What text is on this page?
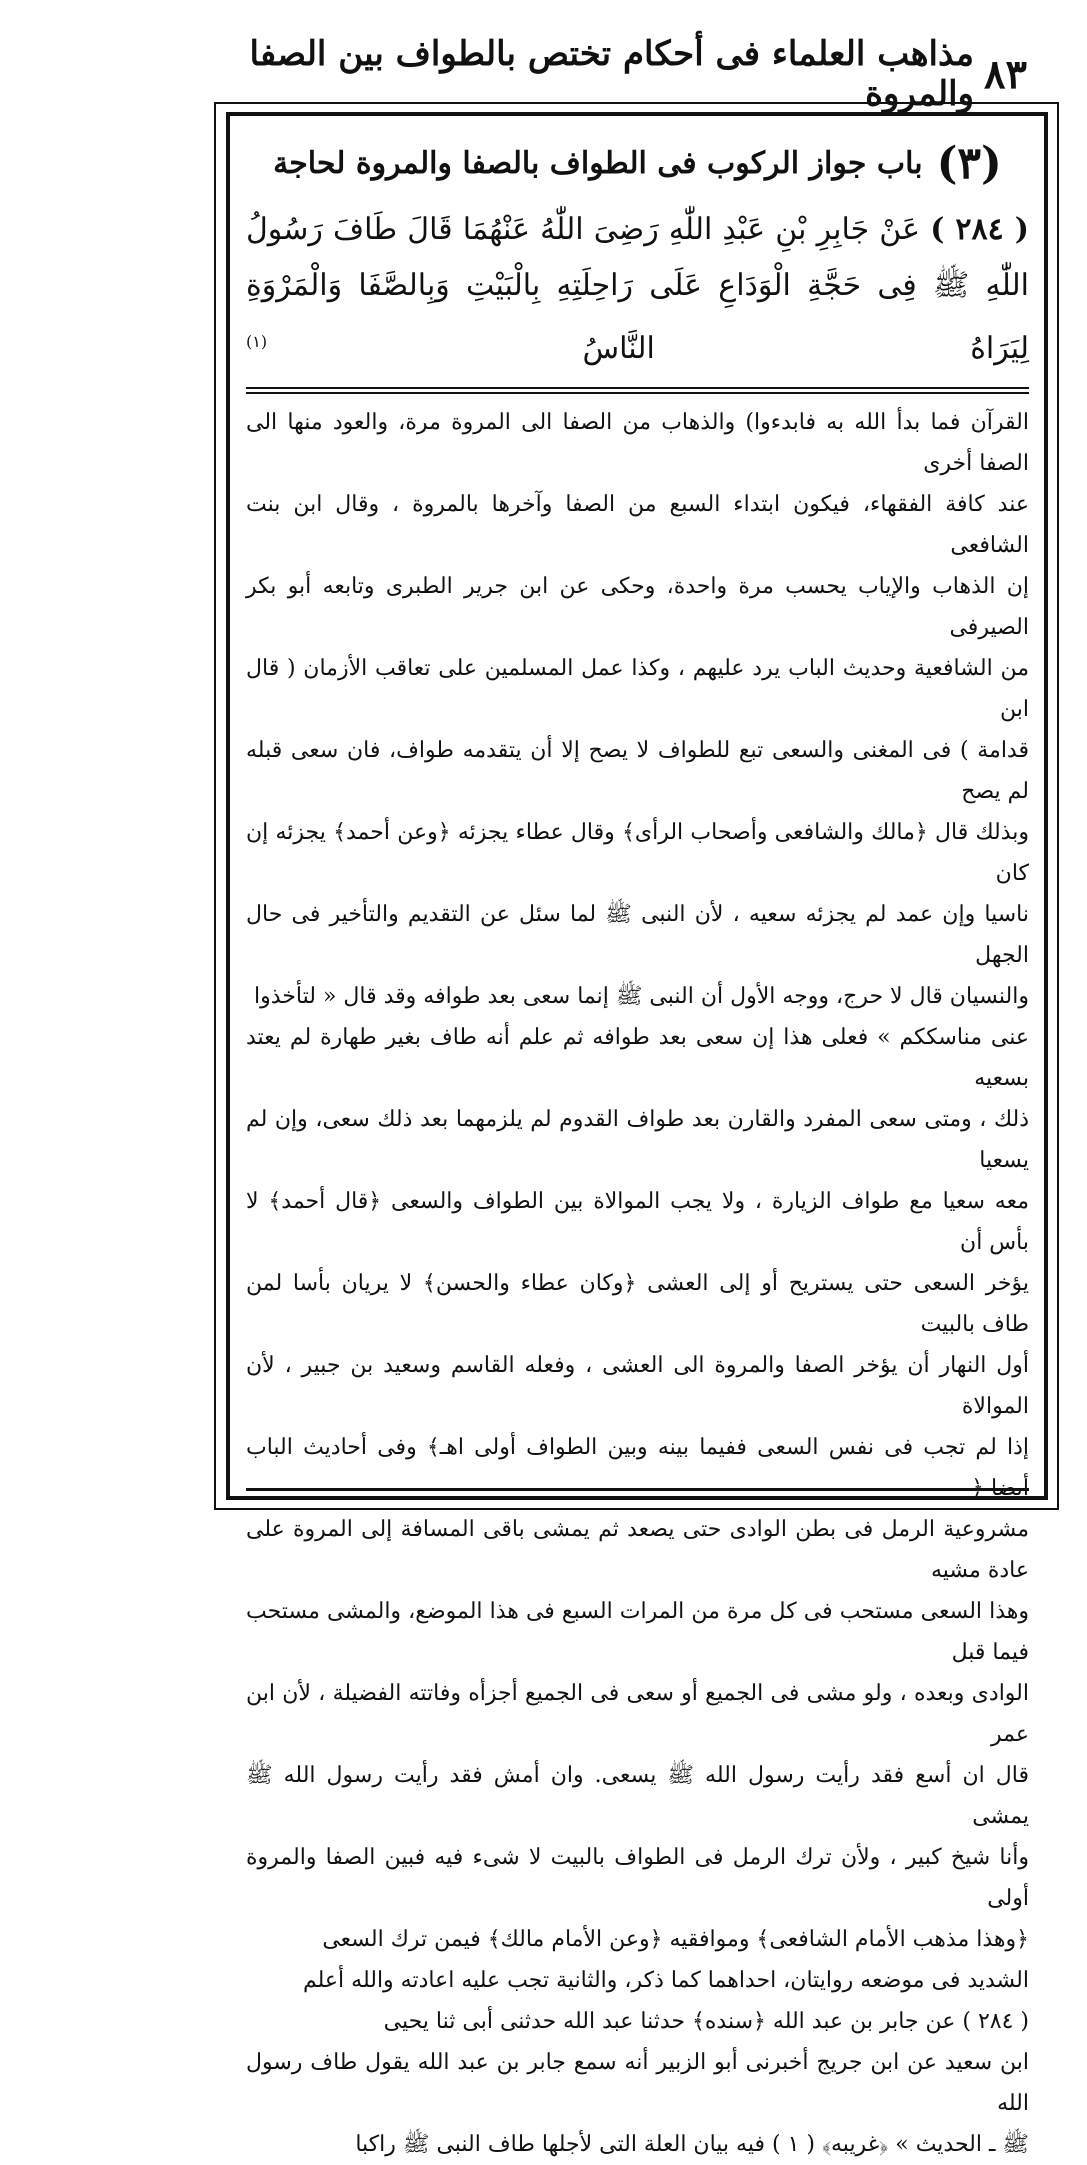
مذاهب العلماء فى أحكام تختص بالطواف بين الصفا والمروة ٨٣
(٣)
باب جواز الركوب فى الطواف بالصفا والمروة لحاجة
( ٢٨٤ ) عَنْ جَابِرِ بْنِ عَبْدِ اللّٰهِ رَضِىَ اللّٰهُ عَنْهُمَا قَالَ طَافَ رَسُولُ اللّٰهِ ﷺ فِى حَجَّةِ الْوَدَاعِ عَلَى رَاحِلَتِهِ بِالْبَيْتِ وَبِالصَّفَا وَالْمَرْوَةِ لِيَرَاهُ النَّاسُ $^{(١)}$

القرآن فما بدأ الله به فابدءوا) والذهاب من الصفا الى المروة مرة، والعود منها الى الصفا أخرى

عند كافة الفقهاء، فيكون ابتداء السبع من الصفا وآخرها بالمروة ، وقال ابن بنت الشافعى

إن الذهاب والإياب يحسب مرة واحدة، وحكى عن ابن جرير الطبرى وتابعه أبو بكر الصيرفى

من الشافعية وحديث الباب يرد عليهم ، وكذا عمل المسلمين على تعاقب الأزمان ( قال ابن

قدامة ) فى المغنى والسعى تبع للطواف لا يصح إلا أن يتقدمه طواف، فان سعى قبله لم يصح

وبذلك قال ﴿مالك والشافعى وأصحاب الرأى﴾ وقال عطاء يجزئه ﴿وعن أحمد﴾ يجزئه إن كان

ناسيا وإن عمد لم يجزئه سعيه ، لأن النبى ﷺ لما سئل عن التقديم والتأخير فى حال الجهل

والنسيان قال لا حرج، ووجه الأول أن النبى ﷺ إنما سعى بعد طوافه وقد قال « لتأخذوا

عنى مناسككم » فعلى هذا إن سعى بعد طوافه ثم علم أنه طاف بغير طهارة لم يعتد بسعيه

ذلك ، ومتى سعى المفرد والقارن بعد طواف القدوم لم يلزمهما بعد ذلك سعى، وإن لم يسعيا

معه سعيا مع طواف الزيارة ، ولا يجب الموالاة بين الطواف والسعى ﴿قال أحمد﴾ لا بأس أن

يؤخر السعى حتى يستريح أو إلى العشى ﴿وكان عطاء والحسن﴾ لا يريان بأسا لمن طاف بالبيت

أول النهار أن يؤخر الصفا والمروة الى العشى ، وفعله القاسم وسعيد بن جبير ، لأن الموالاة

إذا لم تجب فى نفس السعى ففيما بينه وبين الطواف أولى اهـ﴾ وفى أحاديث الباب أيضا ﴿

مشروعية الرمل فى بطن الوادى حتى يصعد ثم يمشى باقى المسافة إلى المروة على عادة مشيه

وهذا السعى مستحب فى كل مرة من المرات السبع فى هذا الموضع، والمشى مستحب فيما قبل

الوادى وبعده ، ولو مشى فى الجميع أو سعى فى الجميع أجزأه وفاتته الفضيلة ، لأن ابن عمر

قال ان أسع فقد رأيت رسول الله ﷺ يسعى. وان أمش فقد رأيت رسول الله ﷺ يمشى

وأنا شيخ كبير ، ولأن ترك الرمل فى الطواف بالبيت لا شىء فيه فبين الصفا والمروة أولى

﴿وهذا مذهب الأمام الشافعى﴾ وموافقيه ﴿وعن الأمام مالك﴾ فيمن ترك السعى

الشديد فى موضعه روايتان، احداهما كما ذكر، والثانية تجب عليه اعادته والله أعلم

( ٢٨٤ ) عن جابر بن عبد الله ﴿سنده﴾ حدثنا عبد الله حدثنى أبى ثنا يحيى

ابن سعيد عن ابن جريج أخبرنى أبو الزبير أنه سمع جابر بن عبد الله يقول طاف رسول الله

ﷺ ـ الحديث » ﴿غريبه﴾ ( ١ ) فيه بيان العلة التى لأجلها طاف النبى ﷺ راكبا
